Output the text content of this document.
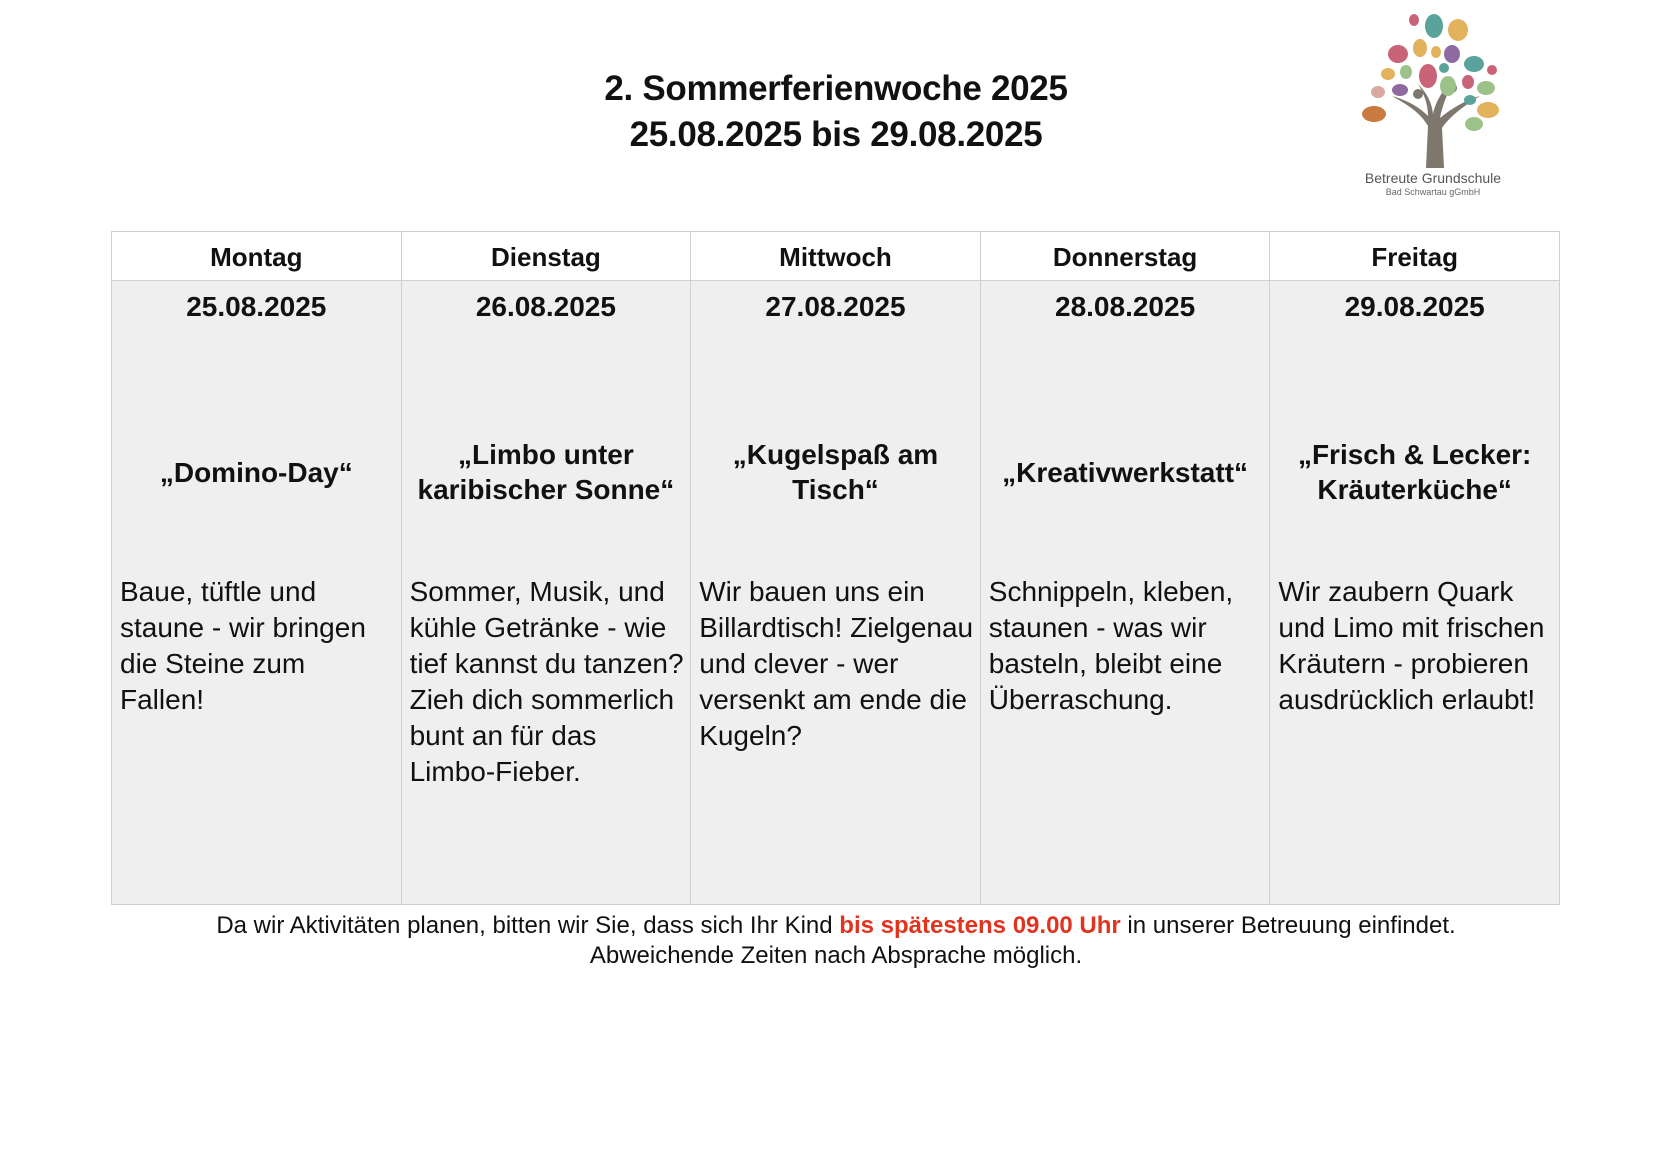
2. Sommerferienwoche 2025
25.08.2025 bis 29.08.2025
Betreute Grundschule
Bad Schwartau gGmbH
Montag
25.08.2025
„Domino-Day“
Baue, tüftle und staune - wir bringen die Steine zum Fallen!
Dienstag
26.08.2025
„Limbo unter karibischer Sonne“
Sommer, Musik, und kühle Getränke - wie tief kannst du tanzen? Zieh dich sommerlich bunt an für das Limbo-Fieber.
Mittwoch
27.08.2025
„Kugelspaß am Tisch“
Wir bauen uns ein Billardtisch! Zielgenau und clever - wer versenkt am ende die Kugeln?
Donnerstag
28.08.2025
„Kreativwerkstatt“
Schnippeln, kleben, staunen - was wir basteln, bleibt eine Überraschung.
Freitag
29.08.2025
„Frisch & Lecker: Kräuterküche“
Wir zaubern Quark und Limo mit frischen Kräutern - probieren ausdrücklich erlaubt!
Da wir Aktivitäten planen, bitten wir Sie, dass sich Ihr Kind bis spätestens 09.00 Uhr in unserer Betreuung einfindet.
Abweichende Zeiten nach Absprache möglich.
